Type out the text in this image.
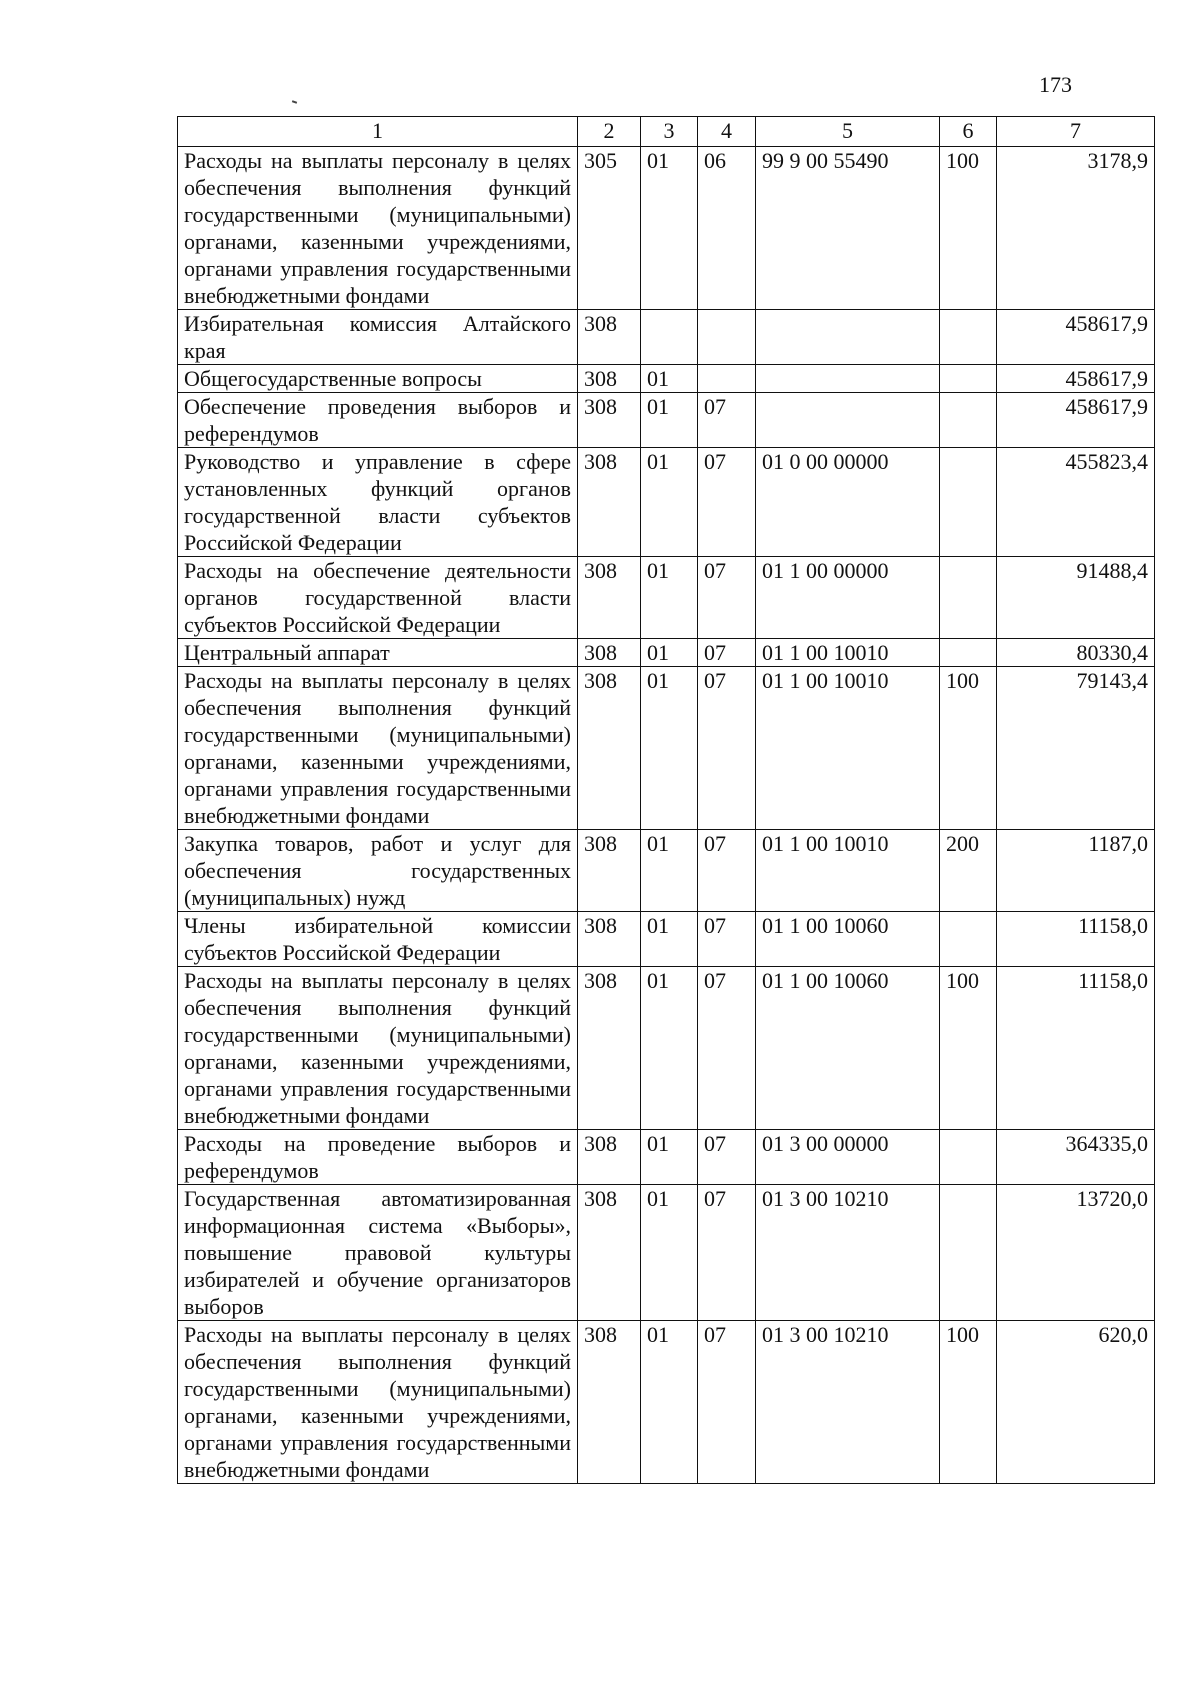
173
1	2	3	4	5	6	7
Расходы на выплаты персоналу в целях обеспечения выполнения функций государственными (муниципальными) органами, казенными учреждениями, органами управления государственными внебюджетными фондами	305	01	06	99 9 00 55490	100	3178,9
Избирательная комиссия Алтайского края	308					458617,9
Общегосударственные вопросы	308	01				458617,9
Обеспечение проведения выборов и референдумов	308	01	07			458617,9
Руководство и управление в сфере установленных функций органов государственной власти субъектов Российской Федерации	308	01	07	01 0 00 00000		455823,4
Расходы на обеспечение деятельности органов государственной власти субъектов Российской Федерации	308	01	07	01 1 00 00000		91488,4
Центральный аппарат	308	01	07	01 1 00 10010		80330,4
Расходы на выплаты персоналу в целях обеспечения выполнения функций государственными (муниципальными) органами, казенными учреждениями, органами управления государственными внебюджетными фондами	308	01	07	01 1 00 10010	100	79143,4
Закупка товаров, работ и услуг для обеспечения государственных (муниципальных) нужд	308	01	07	01 1 00 10010	200	1187,0
Члены избирательной комиссии субъектов Российской Федерации	308	01	07	01 1 00 10060		11158,0
Расходы на выплаты персоналу в целях обеспечения выполнения функций государственными (муниципальными) органами, казенными учреждениями, органами управления государственными внебюджетными фондами	308	01	07	01 1 00 10060	100	11158,0
Расходы на проведение выборов и референдумов	308	01	07	01 3 00 00000		364335,0
Государственная автоматизированная информационная система «Выборы», повышение правовой культуры избирателей и обучение организаторов выборов	308	01	07	01 3 00 10210		13720,0
Расходы на выплаты персоналу в целях обеспечения выполнения функций государственными (муниципальными) органами, казенными учреждениями, органами управления государственными внебюджетными фондами	308	01	07	01 3 00 10210	100	620,0
